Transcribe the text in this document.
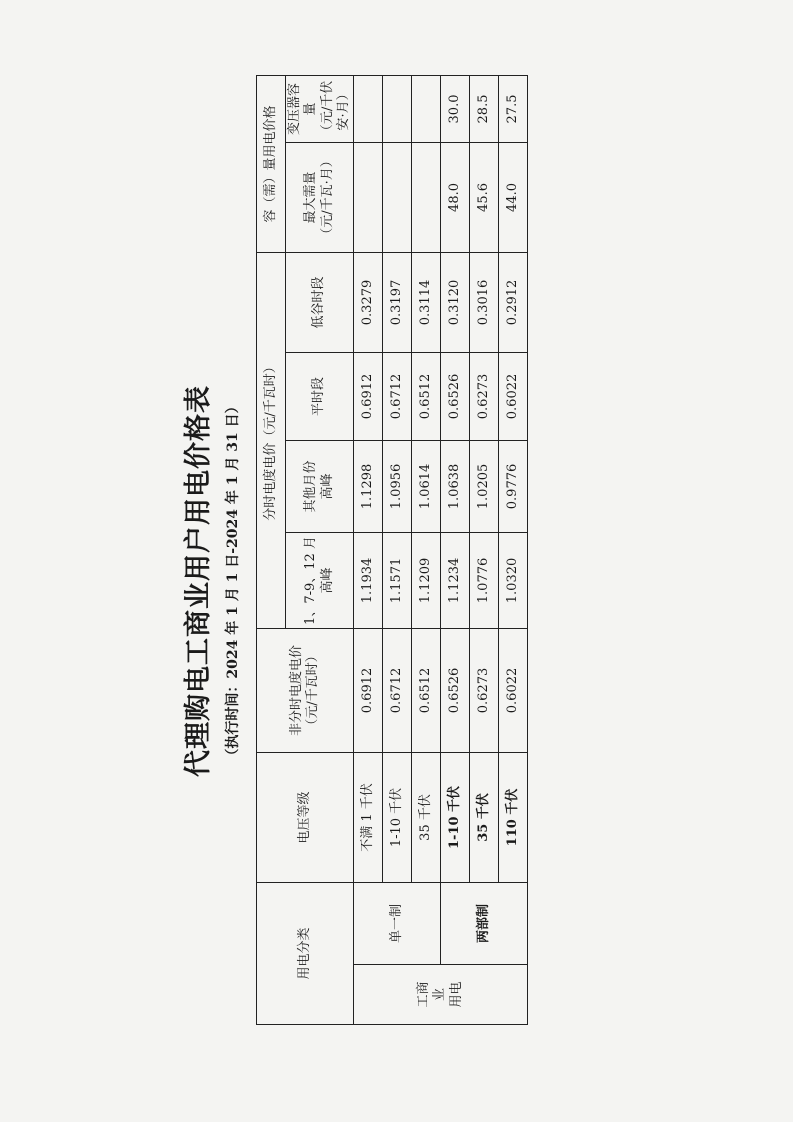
代理购电工商业用户用电价格表 （执行时间：2024 年 1 月 1 日-2024 年 1 月 31 日）
用电分类		电压等级	非分时电度电价 （元/千瓦时）	分时电度电价（元/千瓦时）				容（需）量用电价格	

				1、7-9、12 月 高峰	其他月份 高峰	平时段	低谷时段	最大需量 （元/千瓦·月）	变压器容量 （元/千伏安·月）

工商 业 用电	单一制	不满 1 千伏	0.6912	1.1934	1.1298	0.6912	0.3279		
		1-10 千伏	0.6712	1.1571	1.0956	0.6712	0.3197		
		35 千伏	0.6512	1.1209	1.0614	0.6512	0.3114		
	两部制	1-10 千伏	0.6526	1.1234	1.0638	0.6526	0.3120	48.0	30.0
		35 千伏	0.6273	1.0776	1.0205	0.6273	0.3016	45.6	28.5
		110 千伏	0.6022	1.0320	0.9776	0.6022	0.2912	44.0	27.5
